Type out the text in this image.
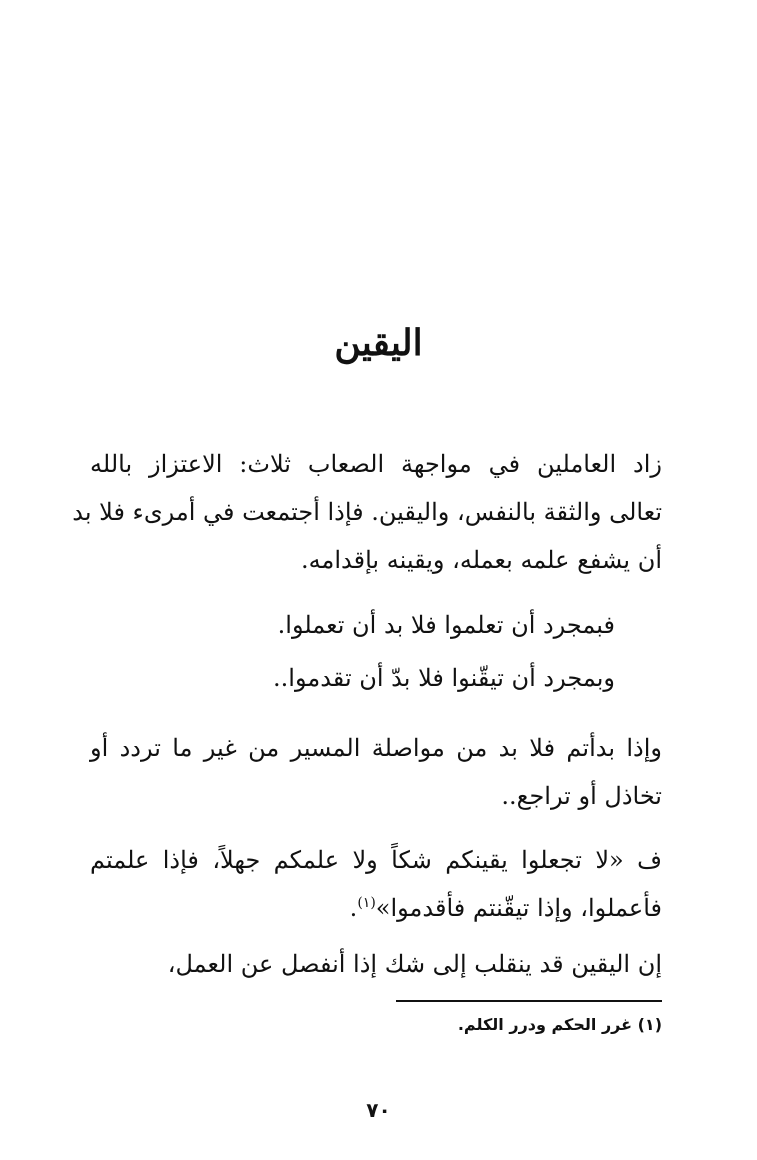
اليقين
زاد العاملين في مواجهة الصعاب ثلاث: الاعتزاز بالله
تعالى والثقة بالنفس، واليقين. فإذا أجتمعت في أمرىء فلا بد
أن يشفع علمه بعمله، ويقينه بإقدامه.
فبمجرد أن تعلموا فلا بد أن تعملوا.
وبمجرد أن تيقّنوا فلا بدّ أن تقدموا..
وإذا بدأتم فلا بد من مواصلة المسير من غير ما تردد أو
تخاذل أو تراجع..
ف «لا تجعلوا يقينكم شكاً ولا علمكم جهلاً، فإذا علمتم
فأعملوا، وإذا تيقّنتم فأقدموا»$^{(١)}$.
إن اليقين قد ينقلب إلى شك إذا أنفصل عن العمل،
(١) غرر الحكم ودرر الكلم.
٧٠
